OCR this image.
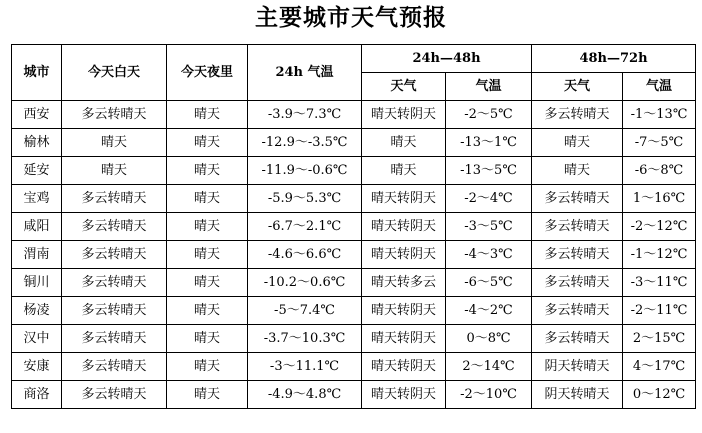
主要城市天气预报
城市	今天白天	今天夜里	24h 气温	24h—48h		48h—72h	
				天气	气温	天气	气温
西安	多云转晴天	晴天	-3.9～7.3℃	晴天转阴天	-2～5℃	多云转晴天	-1～13℃
榆林	晴天	晴天	-12.9～-3.5℃	晴天	-13～1℃	晴天	-7～5℃
延安	晴天	晴天	-11.9～-0.6℃	晴天	-13～5℃	晴天	-6～8℃
宝鸡	多云转晴天	晴天	-5.9～5.3℃	晴天转阴天	-2～4℃	多云转晴天	1～16℃
咸阳	多云转晴天	晴天	-6.7～2.1℃	晴天转阴天	-3～5℃	多云转晴天	-2～12℃
渭南	多云转晴天	晴天	-4.6～6.6℃	晴天转阴天	-4～3℃	多云转晴天	-1～12℃
铜川	多云转晴天	晴天	-10.2～0.6℃	晴天转多云	-6～5℃	多云转晴天	-3～11℃
杨凌	多云转晴天	晴天	-5～7.4℃	晴天转阴天	-4～2℃	多云转晴天	-2～11℃
汉中	多云转晴天	晴天	-3.7～10.3℃	晴天转阴天	0～8℃	多云转晴天	2～15℃
安康	多云转晴天	晴天	-3～11.1℃	晴天转阴天	2～14℃	阴天转晴天	4～17℃
商洛	多云转晴天	晴天	-4.9～4.8℃	晴天转阴天	-2～10℃	阴天转晴天	0～12℃
